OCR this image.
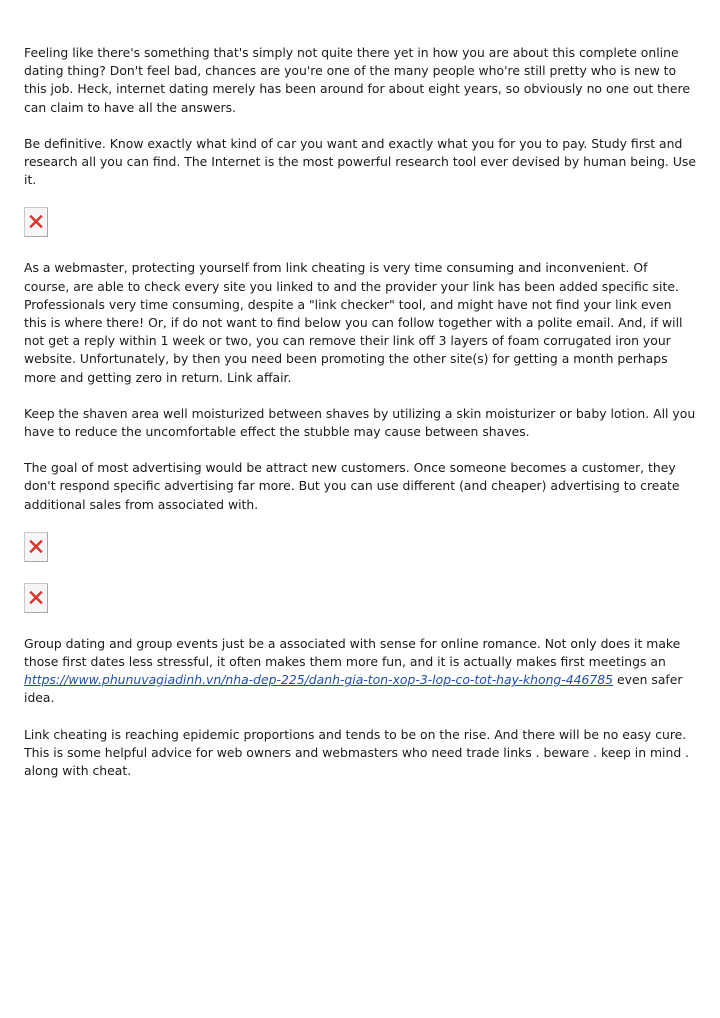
Feeling like there's something that's simply not quite there yet in how you are about this complete online dating thing? Don't feel bad, chances are you're one of the many people who're still pretty who is new to this job. Heck, internet dating merely has been around for about eight years, so obviously no one out there can claim to have all the answers.

Be definitive. Know exactly what kind of car you want and exactly what you for you to pay. Study first and research all you can find. The Internet is the most powerful research tool ever devised by human being. Use it.

As a webmaster, protecting yourself from link cheating is very time consuming and inconvenient. Of course, are able to check every site you linked to and the provider your link has been added specific site. Professionals very time consuming, despite a "link checker" tool, and might have not find your link even this is where there! Or, if do not want to find below you can follow together with a polite email. And, if will not get a reply within 1 week or two, you can remove their link off 3 layers of foam corrugated iron your website. Unfortunately, by then you need been promoting the other site(s) for getting a month perhaps more and getting zero in return. Link affair.

Keep the shaven area well moisturized between shaves by utilizing a skin moisturizer or baby lotion. All you have to reduce the uncomfortable effect the stubble may cause between shaves.

The goal of most advertising would be attract new customers. Once someone becomes a customer, they don't respond specific advertising far more. But you can use different (and cheaper) advertising to create additional sales from associated with.

Group dating and group events just be a associated with sense for online romance. Not only does it make those first dates less stressful, it often makes them more fun, and it is actually makes first meetings an https://www.phunuvagiadinh.vn/nha-dep-225/danh-gia-ton-xop-3-lop-co-tot-hay-khong-446785 even safer idea.

Link cheating is reaching epidemic proportions and tends to be on the rise. And there will be no easy cure. This is some helpful advice for web owners and webmasters who need trade links . beware . keep in mind . along with cheat.
